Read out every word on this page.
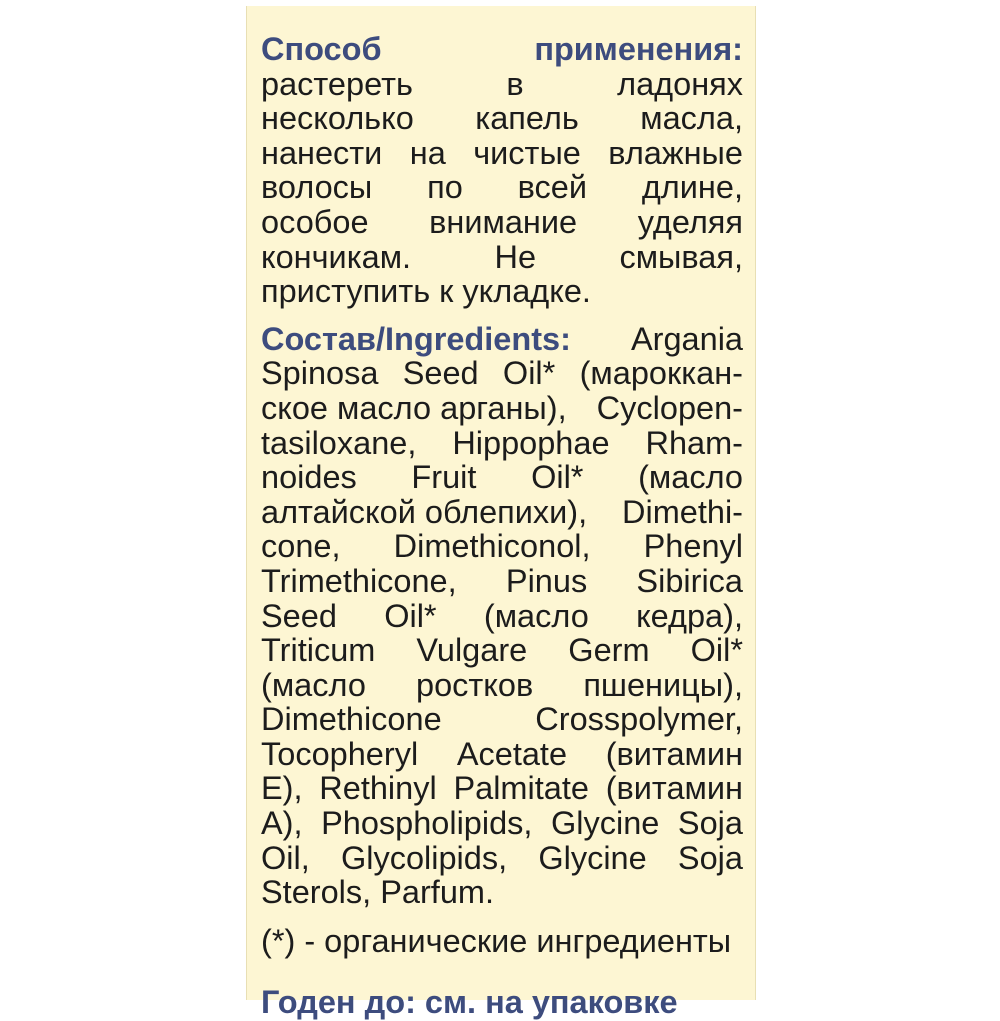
Способ	применения:
растереть	в	ладонях
несколько капель масла,
нанести на чистые влажные
волосы по всей длине,
особое внимание уделяя
кончикам.	Не	смывая,
приступить к укладке.
Состав/Ingredients: Argania
Spinosa Seed Oil* (мароккан-
ское масло арганы), Cyclopen-
tasiloxane, Hippophae Rham-
noides Fruit Oil* (масло
алтайской облепихи), Dimethi-
cone, Dimethiconol, Phenyl
Trimethicone, Pinus Sibirica
Seed Oil* (масло кедра),
Triticum Vulgare Germ Oil*
(масло ростков пшеницы),
Dimethicone	Crosspolymer,
Tocopheryl Acetate (витамин
E), Rethinyl Palmitate (витамин
A), Phospholipids, Glycine Soja
Oil, Glycolipids, Glycine Soja
Sterols, Parfum.
(*) - органические ингредиенты
Годен до: см. на упаковке
